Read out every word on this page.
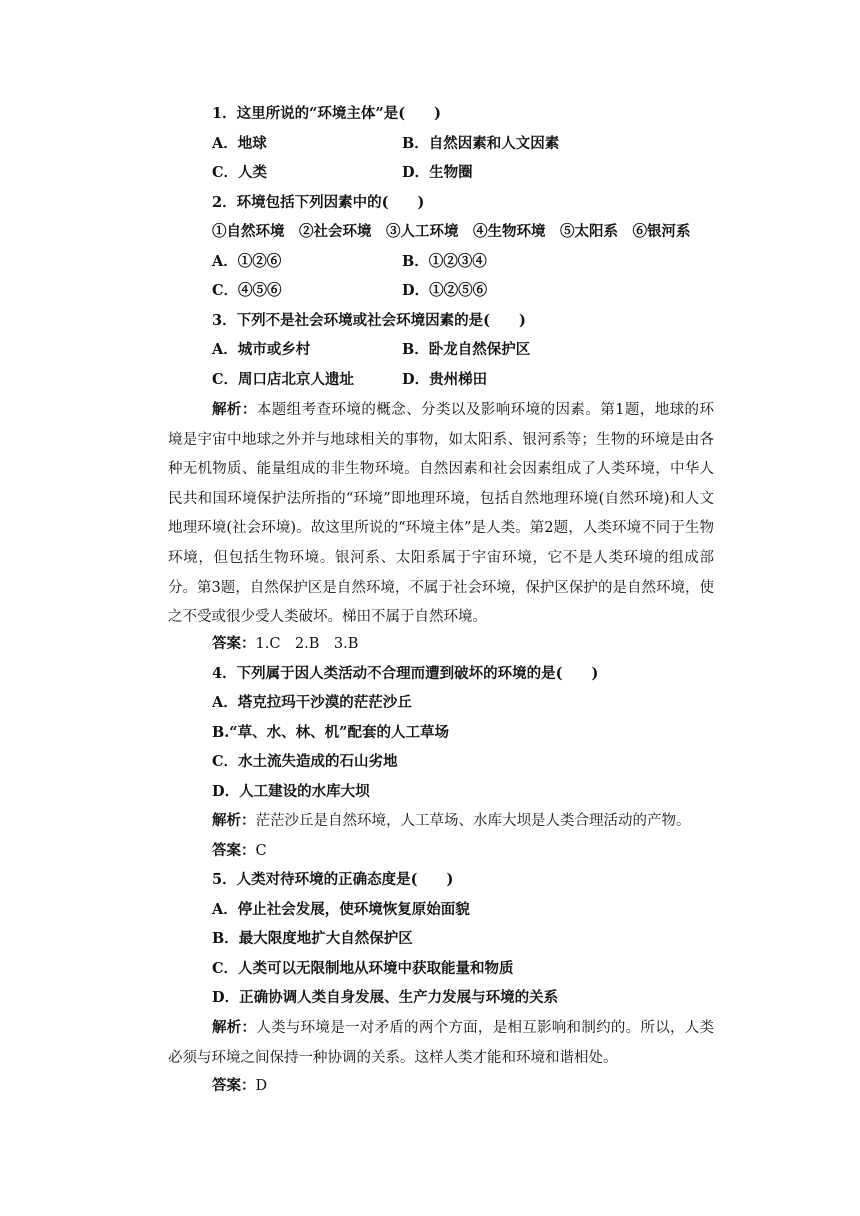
1．这里所说的“环境主体”是(　　)
A．地球	B．自然因素和人文因素
C．人类	D．生物圈
2．环境包括下列因素中的(　　)
①自然环境　②社会环境　③人工环境　④生物环境　⑤太阳系　⑥银河系
A．①②⑥	B．①②③④
C．④⑤⑥	D．①②⑤⑥
3．下列不是社会环境或社会环境因素的是(　　)
A．城市或乡村	B．卧龙自然保护区
C．周口店北京人遗址	D．贵州梯田

解析：本题组考查环境的概念、分类以及影响环境的因素。第1题，地球的环境是宇宙中地球之外并与地球相关的事物，如太阳系、银河系等；生物的环境是由各种无机物质、能量组成的非生物环境。自然因素和社会因素组成了人类环境，中华人民共和国环境保护法所指的“环境”即地理环境，包括自然地理环境(自然环境)和人文地理环境(社会环境)。故这里所说的“环境主体”是人类。第2题，人类环境不同于生物环境，但包括生物环境。银河系、太阳系属于宇宙环境，它不是人类环境的组成部分。第3题，自然保护区是自然环境，不属于社会环境，保护区保护的是自然环境，使之不受或很少受人类破坏。梯田不属于自然环境。

答案：1.C　2.B　3.B
4．下列属于因人类活动不合理而遭到破坏的环境的是(　　)
A．塔克拉玛干沙漠的茫茫沙丘
B.“草、水、林、机”配套的人工草场
C．水土流失造成的石山劣地
D．人工建设的水库大坝
解析：茫茫沙丘是自然环境，人工草场、水库大坝是人类合理活动的产物。
答案：C
5．人类对待环境的正确态度是(　　)
A．停止社会发展，使环境恢复原始面貌
B．最大限度地扩大自然保护区
C．人类可以无限制地从环境中获取能量和物质
D．正确协调人类自身发展、生产力发展与环境的关系

解析：人类与环境是一对矛盾的两个方面，是相互影响和制约的。所以，人类必须与环境之间保持一种协调的关系。这样人类才能和环境和谐相处。

答案：D
